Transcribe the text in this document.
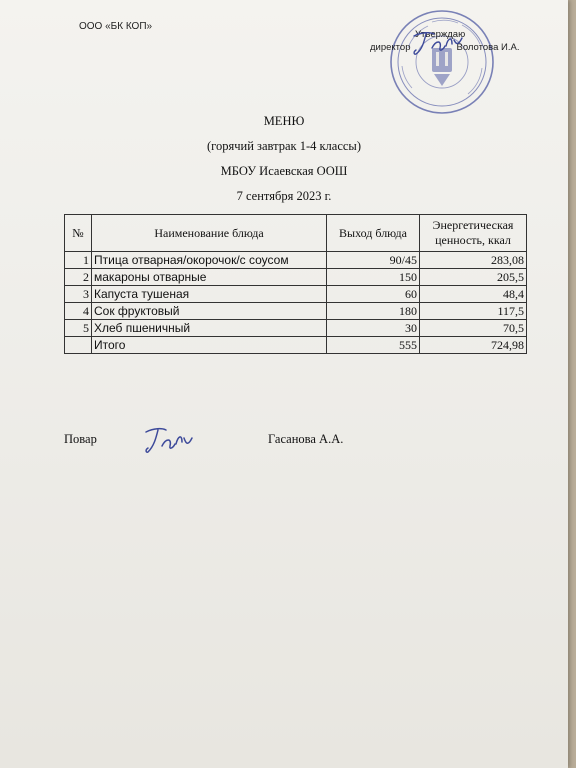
ООО «БК КОП»
Утверждаю
директор	Волотова И.А.
МЕНЮ
(горячий завтрак 1-4 классы)
МБОУ Исаевская ООШ
7 сентября 2023 г.
№	Наименование блюда	Выход блюда	Энергетическая
ценность, ккал
1	Птица отварная/окорочок/с соусом	90/45	283,08
2	макароны отварные	150	205,5
3	Капуста тушеная	60	48,4
4	Сок фруктовый	180	117,5
5	Хлеб пшеничный	30	70,5
	Итого	555	724,98
Повар	Гасанова А.А.
